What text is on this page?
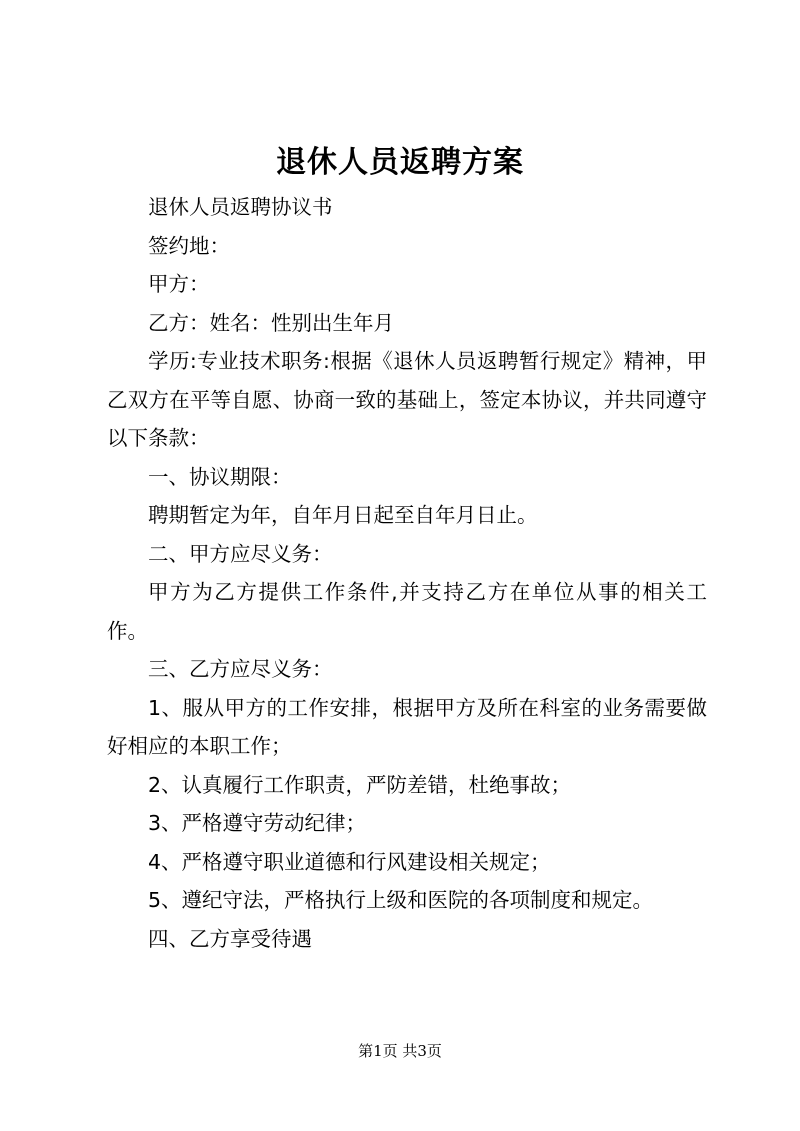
退休人员返聘方案

退休人员返聘协议书

签约地：

甲方：

乙方：姓名：性别出生年月

学历:专业技术职务:根据《退休人员返聘暂行规定》精神，甲乙双方在平等自愿、协商一致的基础上，签定本协议，并共同遵守以下条款：

一、协议期限：

聘期暂定为年，自年月日起至自年月日止。

二、甲方应尽义务：

甲方为乙方提供工作条件,并支持乙方在单位从事的相关工作。

三、乙方应尽义务：

1、服从甲方的工作安排，根据甲方及所在科室的业务需要做好相应的本职工作；

2、认真履行工作职责，严防差错，杜绝事故；

3、严格遵守劳动纪律；

4、严格遵守职业道德和行风建设相关规定；

5、遵纪守法，严格执行上级和医院的各项制度和规定。

四、乙方享受待遇

第1页 共3页
